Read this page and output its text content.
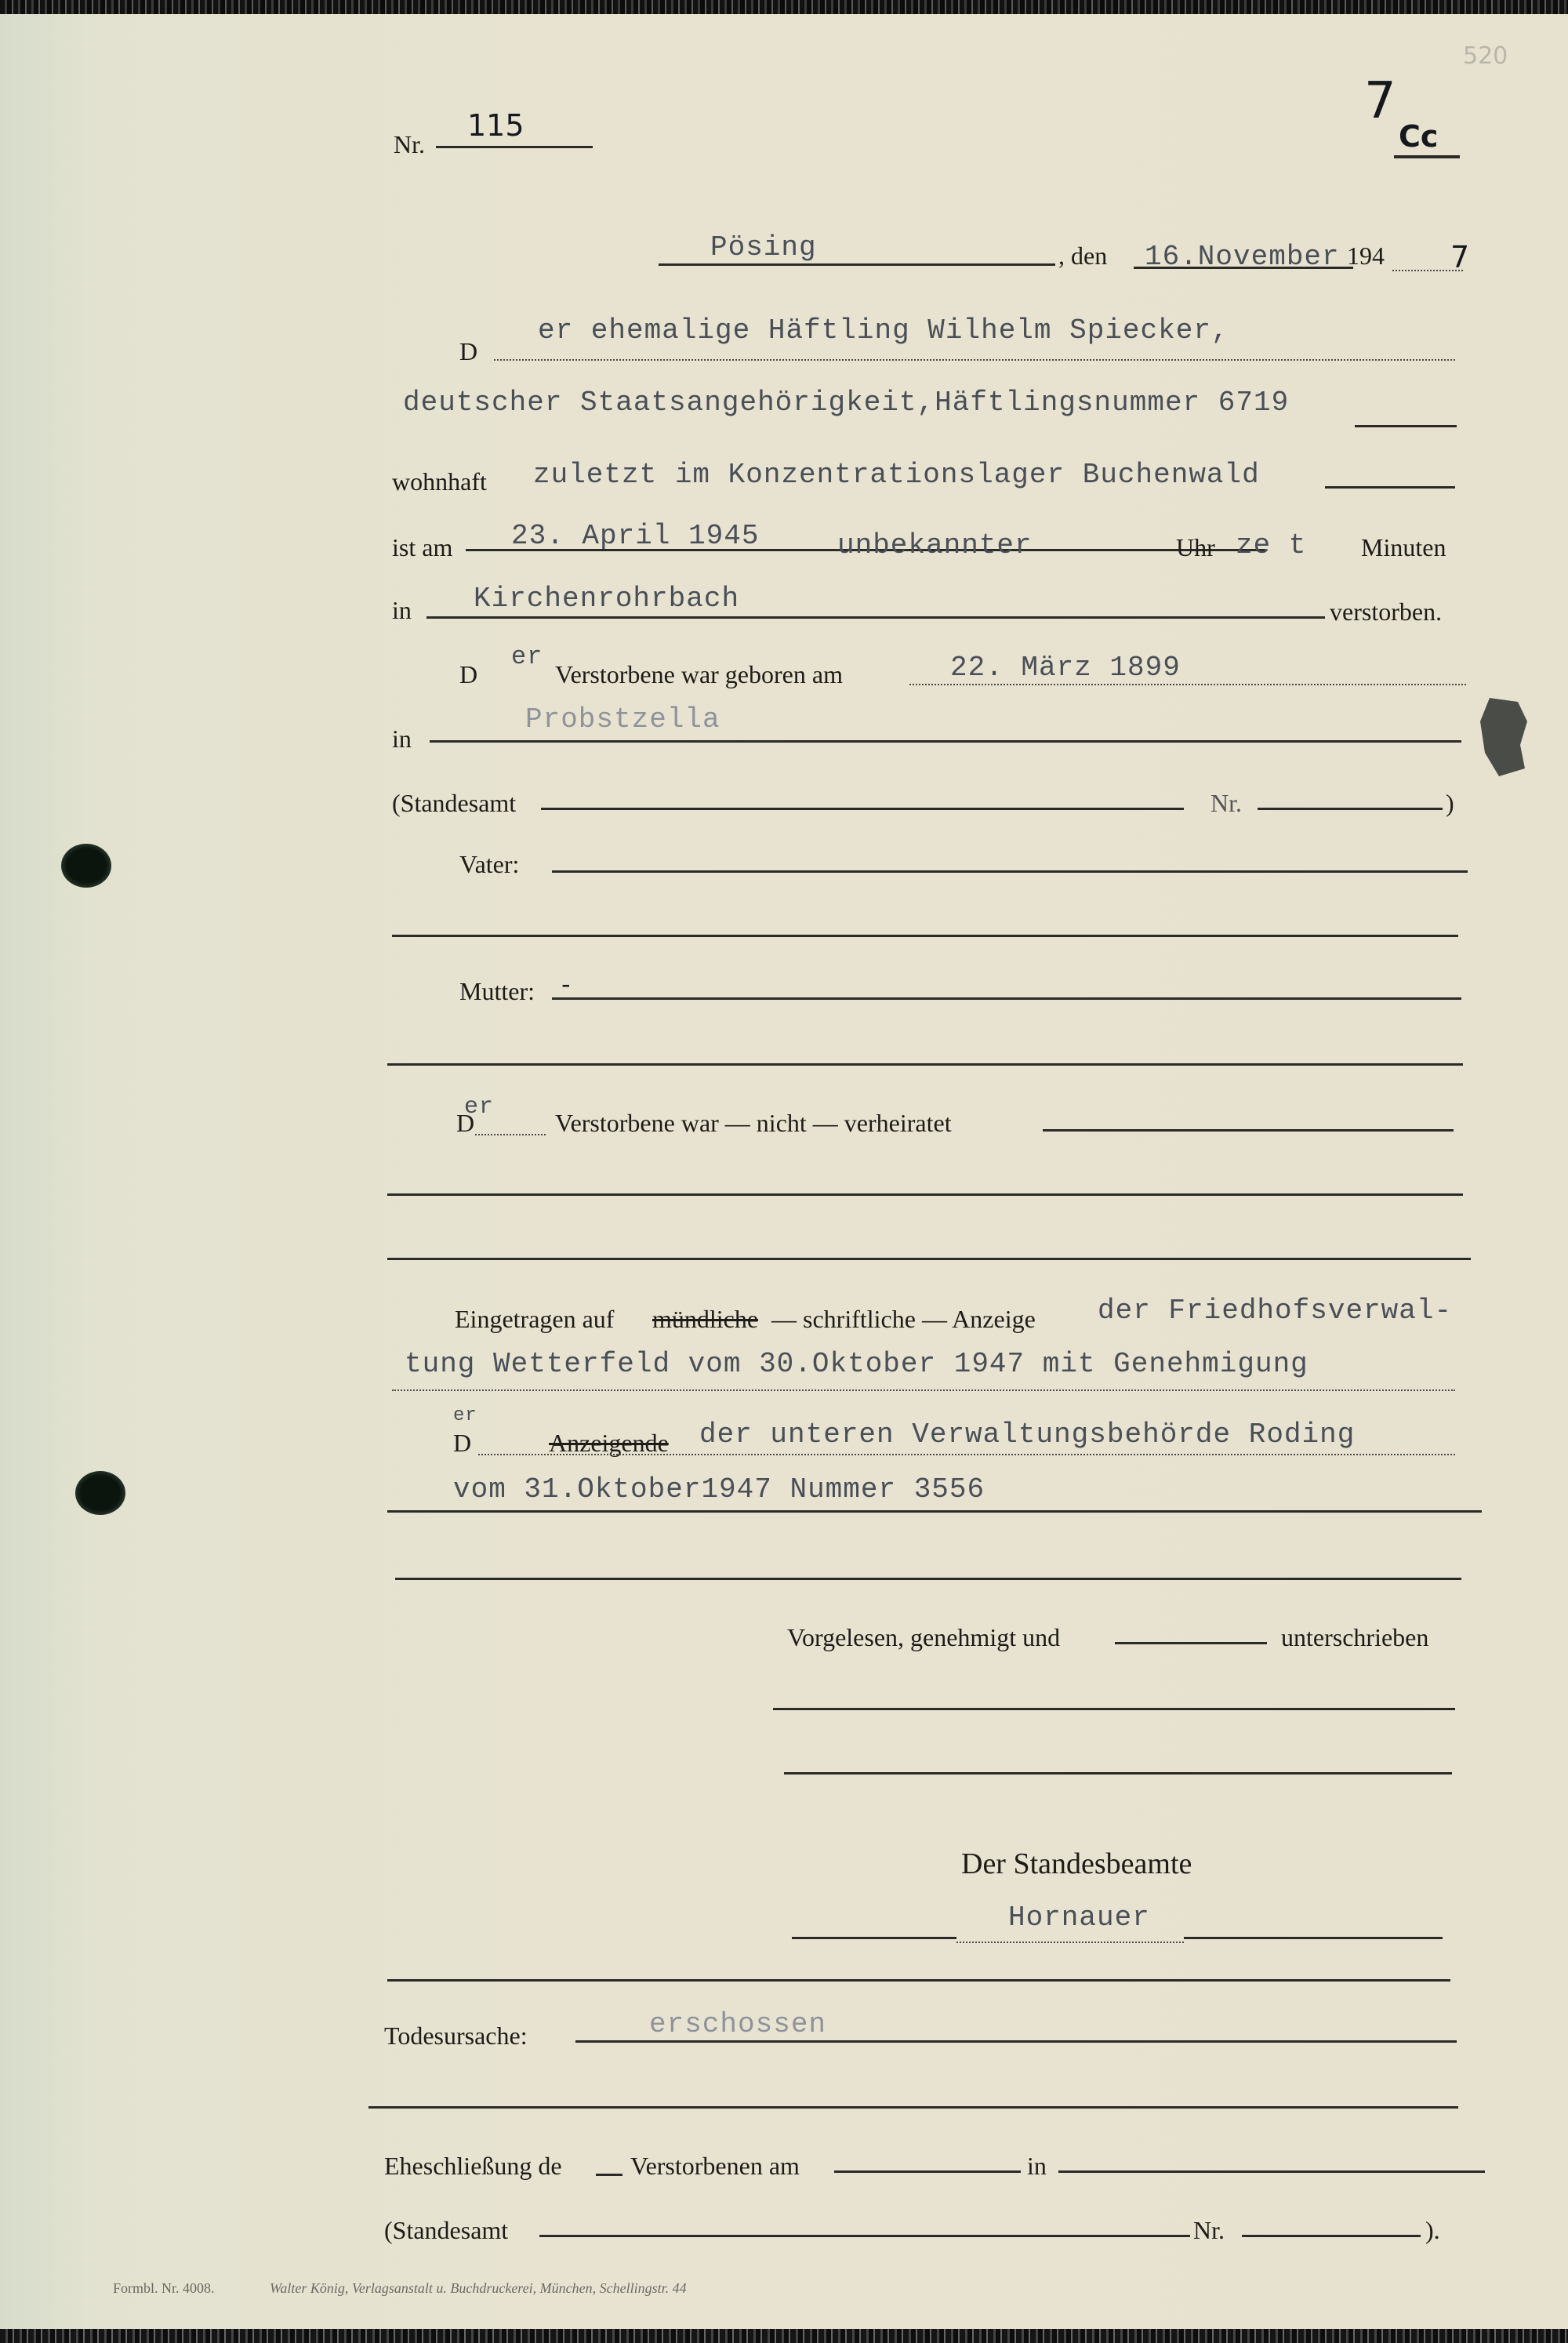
Nr.
115	7
Cc
520
Pösing	, den 16.November 194 7
D
er ehemalige Häftling Wilhelm Spiecker,
deutscher Staatsangehörigkeit,Häftlingsnummer 6719
wohnhaft zuletzt im Konzentrationslager Buchenwald
ist am 23. April 1945	unbekannter	Uhr ze t Minuten
in Kirchenrohrbach	verstorben.
D
er
Verstorbene war geboren am	22. März 1899
in
Probstzella
(Standesamt	Nr.	)
Vater:
Mutter: -
D
er
Verstorbene war — nicht — verheiratet
Eingetragen auf mündliche — schriftliche — Anzeige der Friedhofsverwal-
tung Wetterfeld vom 30.Oktober 1947 mit Genehmigung
D
er
Anzeigende der unteren Verwaltungsbehörde Roding
vom 31.Oktober1947 Nummer 3556
Vorgelesen, genehmigt und	unterschrieben
Der Standesbeamte
Hornauer
Todesursache:	erschossen
Eheschließung de	Verstorbenen am	in
(Standesamt	Nr.	).
Formbl. Nr. 4008.	Walter König, Verlagsanstalt u. Buchdruckerei, München, Schellingstr. 44
